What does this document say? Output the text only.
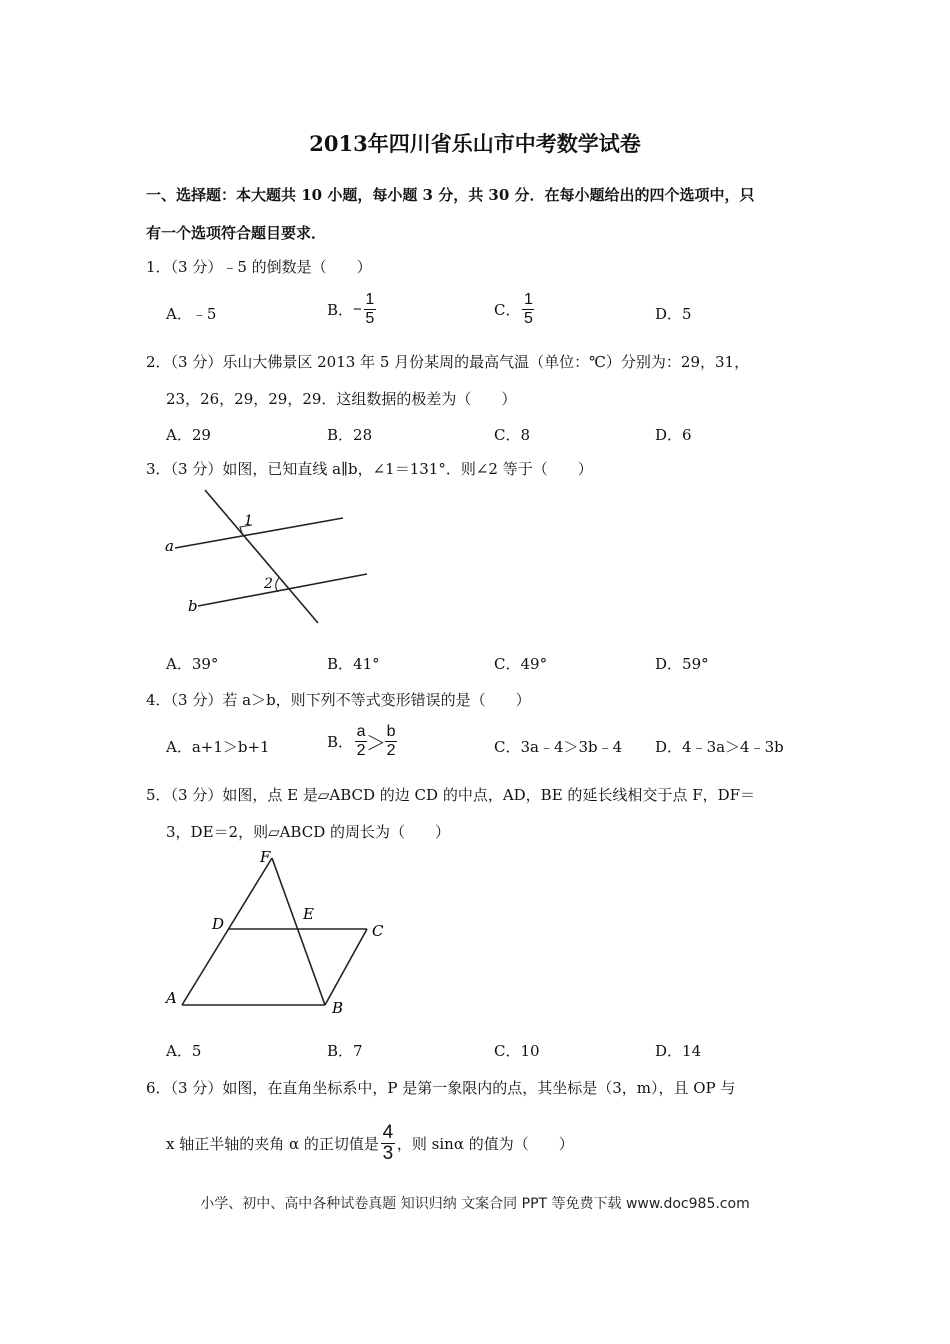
2013年四川省乐山市中考数学试卷
一、选择题：本大题共 10 小题，每小题 3 分，共 30 分．在每小题给出的四个选项中，只
有一个选项符合题目要求．
1．（3 分）﹣5 的倒数是（　　）
A．﹣5	B．− $\frac{1}{5}$	C． $\frac{1}{5}$	D．5
2．（3 分）乐山大佛景区 2013 年 5 月份某周的最高气温（单位：℃）分别为：29，31，
23，26，29，29，29．这组数据的极差为（　　）
A．29	B．28	C．8	D．6
3．（3 分）如图，已知直线 a∥b，∠1＝131°．则∠2 等于（　　）
1
2
a
b
A．39°	B．41°	C．49°	D．59°
4．（3 分）若 a＞b，则下列不等式变形错误的是（　　）
A．a+1＞b+1	B． $\frac{a}{2} > \frac{b}{2}$	C．3a﹣4＞3b﹣4 D．4﹣3a＞4﹣3b
5．（3 分）如图，点 E 是▱ABCD 的边 CD 的中点，AD，BE 的延长线相交于点 F，DF＝
3，DE＝2，则▱ABCD 的周长为（　　）
F
D
E
C
A
B
A．5	B．7	C．10	D．14
6．（3 分）如图，在直角坐标系中，P 是第一象限内的点，其坐标是（3，m），且 OP 与
x 轴正半轴的夹角 α 的正切值是 $\frac{4}{3}$ ，则 sinα 的值为（　　）
小学、初中、高中各种试卷真题 知识归纳 文案合同 PPT 等免费下载 www.doc985.com
